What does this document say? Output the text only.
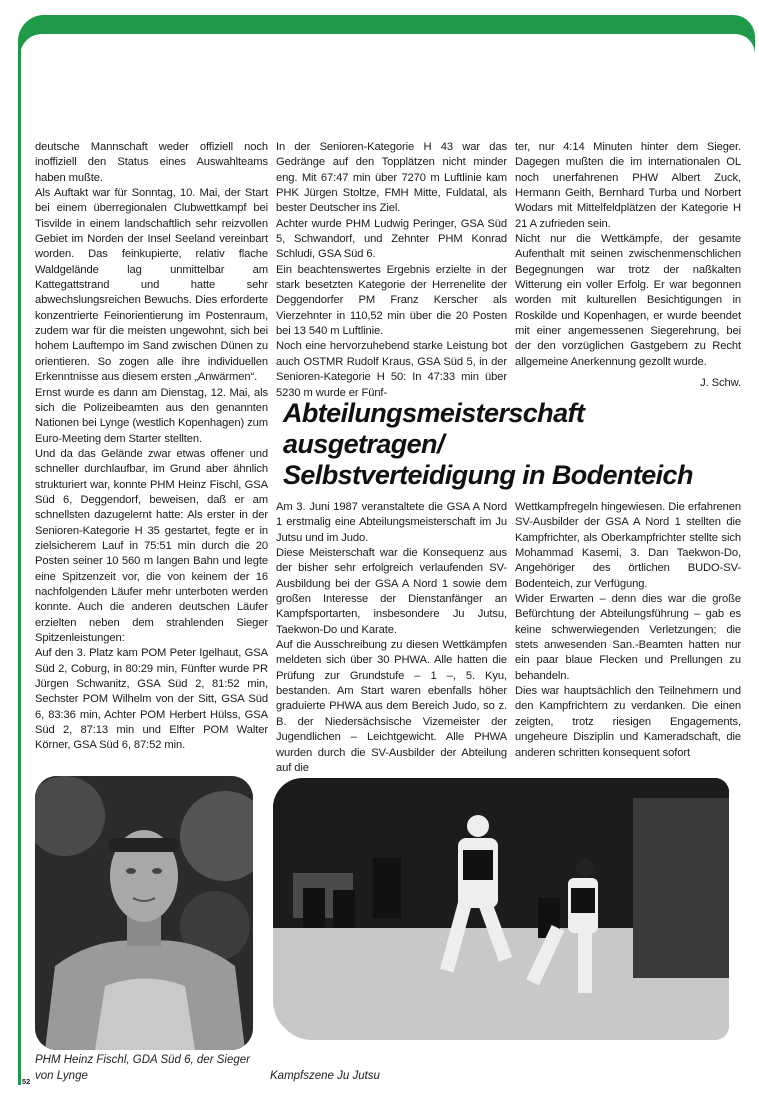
deutsche Mannschaft weder offiziell noch inoffiziell den Status eines Auswahlteams haben mußte.

Als Auftakt war für Sonntag, 10. Mai, der Start bei einem überregionalen Clubwettkampf bei Tisvilde in einem landschaftlich sehr reizvollen Gebiet im Norden der Insel Seeland vereinbart worden. Das feinkupierte, relativ flache Waldgelände lag unmittelbar am Kattegattstrand und hatte sehr abwechslungsreichen Bewuchs. Dies erforderte konzentrierte Feinorientierung im Postenraum, zudem war für die meisten ungewohnt, sich bei hohem Lauftempo im Sand zwischen Dünen zu orientieren. So zogen alle ihre individuellen Erkenntnisse aus diesem ersten „Anwärmen“.

Ernst wurde es dann am Dienstag, 12. Mai, als sich die Polizeibeamten aus den genannten Nationen bei Lynge (westlich Kopenhagen) zum Euro-Meeting dem Starter stellten.

Und da das Gelände zwar etwas offener und schneller durchlaufbar, im Grund aber ähnlich strukturiert war, konnte PHM Heinz Fischl, GSA Süd 6, Deggendorf, beweisen, daß er am schnellsten dazugelernt hatte: Als erster in der Senioren-Kategorie H 35 gestartet, fegte er in zielsicherem Lauf in 75:51 min durch die 20 Posten seiner 10 560 m langen Bahn und legte eine Spitzenzeit vor, die von keinem der 16 nachfolgenden Läufer mehr unterboten werden konnte. Auch die anderen deutschen Läufer erzielten neben dem strahlenden Sieger Spitzenleistungen:

Auf den 3. Platz kam POM Peter Igelhaut, GSA Süd 2, Coburg, in 80:29 min, Fünfter wurde PR Jürgen Schwanitz, GSA Süd 2, 81:52 min, Sechster POM Wilhelm von der Sitt, GSA Süd 6, 83:36 min, Achter POM Herbert Hülss, GSA Süd 2, 87:13 min und Elfter POM Walter Körner, GSA Süd 6, 87:52 min.

In der Senioren-Kategorie H 43 war das Gedränge auf den Topplätzen nicht minder eng. Mit 67:47 min über 7270 m Luftlinie kam PHK Jürgen Stoltze, FMH Mitte, Fuldatal, als bester Deutscher ins Ziel.

Achter wurde PHM Ludwig Peringer, GSA Süd 5, Schwandorf, und Zehnter PHM Konrad Schludi, GSA Süd 6.

Ein beachtenswertes Ergebnis erzielte in der stark besetzten Kategorie der Herrenelite der Deggendorfer PM Franz Kerscher als Vierzehnter in 110,52 min über die 20 Posten bei 13 540 m Luftlinie.

Noch eine hervorzuhebend starke Leistung bot auch OSTMR Rudolf Kraus, GSA Süd 5, in der Senioren-Kategorie H 50: In 47:33 min über 5230 m wurde er Fünf-

ter, nur 4:14 Minuten hinter dem Sieger. Dagegen mußten die im internationalen OL noch unerfahrenen PHW Albert Zuck, Hermann Geith, Bernhard Turba und Norbert Wodars mit Mittelfeldplätzen der Kategorie H 21 A zufrieden sein.

Nicht nur die Wettkämpfe, der gesamte Aufenthalt mit seinen zwischenmenschlichen Begegnungen war trotz der naßkalten Witterung ein voller Erfolg. Er war begonnen worden mit kulturellen Besichtigungen in Roskilde und Kopenhagen, er wurde beendet mit einer angemessenen Siegerehrung, bei der den vorzüglichen Gastgebern zu Recht allgemeine Anerkennung gezollt wurde.

J. Schw.

Abteilungsmeisterschaft
ausgetragen/
Selbstverteidigung in Bodenteich

Am 3. Juni 1987 veranstaltete die GSA A Nord 1 erstmalig eine Abteilungsmeisterschaft im Ju Jutsu und im Judo.

Diese Meisterschaft war die Konsequenz aus der bisher sehr erfolgreich verlaufenden SV-Ausbildung bei der GSA A Nord 1 sowie dem großen Interesse der Dienstanfänger an Kampfsportarten, insbesondere Ju Jutsu, Taekwon-Do und Karate.

Auf die Ausschreibung zu diesen Wettkämpfen meldeten sich über 30 PHWA. Alle hatten die Prüfung zur Grundstufe – 1 –, 5. Kyu, bestanden. Am Start waren ebenfalls höher graduierte PHWA aus dem Bereich Judo, so z. B. der Niedersächsische Vizemeister der Jugendlichen – Leichtgewicht. Alle PHWA wurden durch die SV-Ausbilder der Abteilung auf die

Wettkampfregeln hingewiesen. Die erfahrenen SV-Ausbilder der GSA A Nord 1 stellten die Kampfrichter, als Oberkampfrichter stellte sich Mohammad Kasemi, 3. Dan Taekwon-Do, Angehöriger des örtlichen BUDO-SV-Bodenteich, zur Verfügung.

Wider Erwarten – denn dies war die große Befürchtung der Abteilungsführung – gab es keine schwerwiegenden Verletzungen; die stets anwesenden San.-Beamten hatten nur ein paar blaue Flecken und Prellungen zu behandeln.

Dies war hauptsächlich den Teilnehmern und den Kampfrichtern zu verdanken. Die einen zeigten, trotz riesigen Engagements, ungeheure Disziplin und Kameradschaft, die anderen schritten konsequent sofort

PHM Heinz Fischl, GDA Süd 6, der Sieger von Lynge	Kampfszene Ju Jutsu
52
